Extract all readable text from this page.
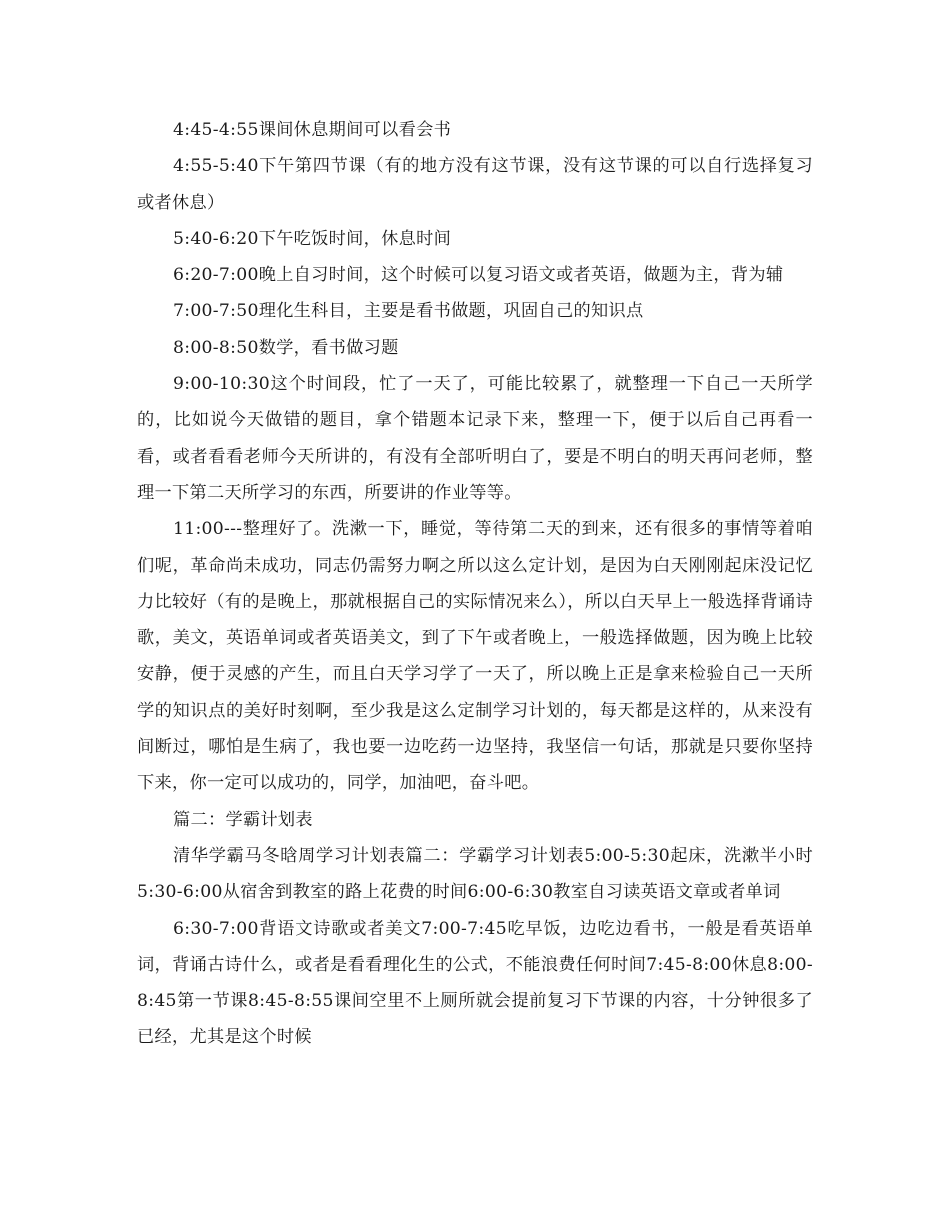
4:45-4:55课间休息期间可以看会书

4:55-5:40下午第四节课（有的地方没有这节课，没有这节课的可以自行选择复习或者休息）

5:40-6:20下午吃饭时间，休息时间

6:20-7:00晚上自习时间，这个时候可以复习语文或者英语，做题为主，背为辅

7:00-7:50理化生科目，主要是看书做题，巩固自己的知识点

8:00-8:50数学，看书做习题

9:00-10:30这个时间段，忙了一天了，可能比较累了，就整理一下自己一天所学的，比如说今天做错的题目，拿个错题本记录下来，整理一下，便于以后自己再看一看，或者看看老师今天所讲的，有没有全部听明白了，要是不明白的明天再问老师，整理一下第二天所学习的东西，所要讲的作业等等。

11:00---整理好了。洗漱一下，睡觉，等待第二天的到来，还有很多的事情等着咱们呢，革命尚未成功，同志仍需努力啊之所以这么定计划，是因为白天刚刚起床没记忆力比较好（有的是晚上，那就根据自己的实际情况来么），所以白天早上一般选择背诵诗歌，美文，英语单词或者英语美文，到了下午或者晚上，一般选择做题，因为晚上比较安静，便于灵感的产生，而且白天学习学了一天了，所以晚上正是拿来检验自己一天所学的知识点的美好时刻啊，至少我是这么定制学习计划的，每天都是这样的，从来没有间断过，哪怕是生病了，我也要一边吃药一边坚持，我坚信一句话，那就是只要你坚持下来，你一定可以成功的，同学，加油吧，奋斗吧。

篇二：学霸计划表

清华学霸马冬晗周学习计划表篇二：学霸学习计划表5:00-5:30起床，洗漱半小时5:30-6:00从宿舍到教室的路上花费的时间6:00-6:30教室自习读英语文章或者单词

6:30-7:00背语文诗歌或者美文7:00-7:45吃早饭，边吃边看书，一般是看英语单词，背诵古诗什么，或者是看看理化生的公式，不能浪费任何时间7:45-8:00休息8:00-8:45第一节课8:45-8:55课间空里不上厕所就会提前复习下节课的内容，十分钟很多了已经，尤其是这个时候
